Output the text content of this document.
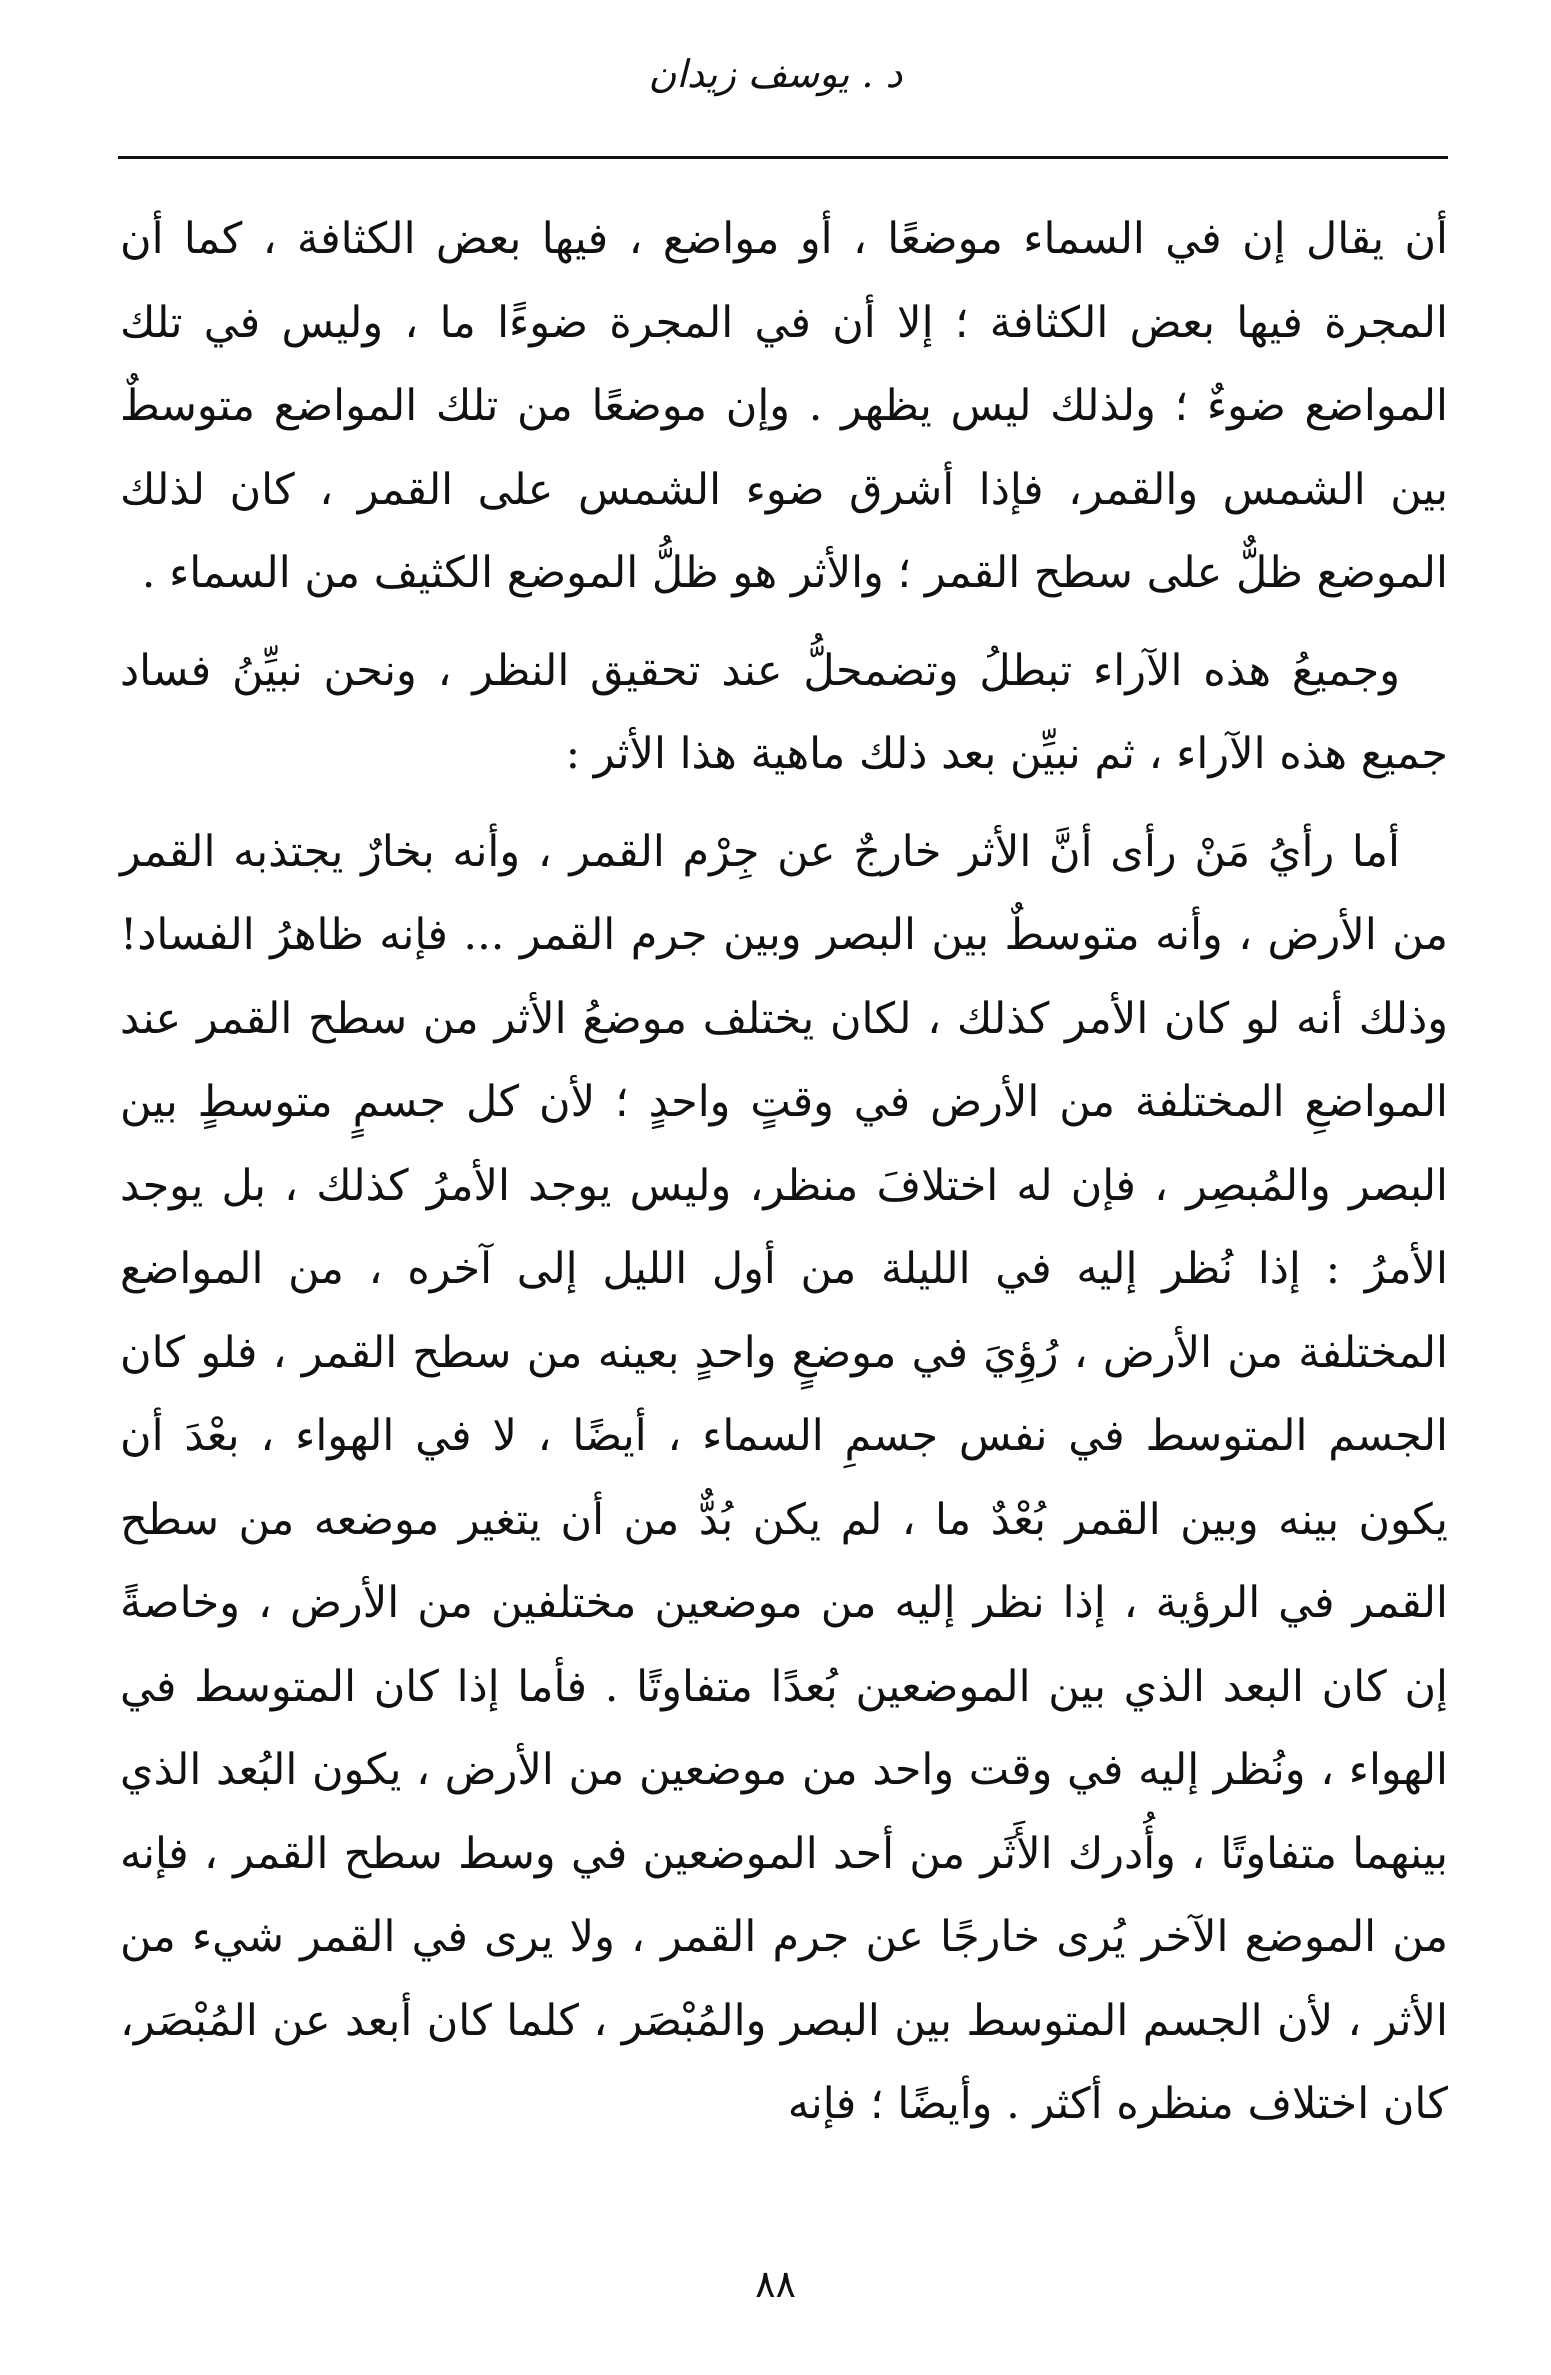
د . يوسف زيدان

أن يقال إن في السماء موضعًا ، أو مواضع ، فيها بعض الكثافة ، كما أن المجرة فيها بعض الكثافة ؛ إلا أن في المجرة ضوءًا ما ، وليس في تلك المواضع ضوءٌ ؛ ولذلك ليس يظهر . وإن موضعًا من تلك المواضع متوسطٌ بين الشمس والقمر، فإذا أشرق ضوء الشمس على القمر ، كان لذلك الموضع ظلٌّ على سطح القمر ؛ والأثر هو ظلُّ الموضع الكثيف من السماء .

وجميعُ هذه الآراء تبطلُ وتضمحلُّ عند تحقيق النظر ، ونحن نبيِّنُ فساد جميع هذه الآراء ، ثم نبيِّن بعد ذلك ماهية هذا الأثر :

أما رأيُ مَنْ رأى أنَّ الأثر خارجٌ عن جِرْم القمر ، وأنه بخارٌ يجتذبه القمر من الأرض ، وأنه متوسطٌ بين البصر وبين جرم القمر ... فإنه ظاهرُ الفساد! وذلك أنه لو كان الأمر كذلك ، لكان يختلف موضعُ الأثر من سطح القمر عند المواضعِ المختلفة من الأرض في وقتٍ واحدٍ ؛ لأن كل جسمٍ متوسطٍ بين البصر والمُبصِر ، فإن له اختلافَ منظر، وليس يوجد الأمرُ كذلك ، بل يوجد الأمرُ : إذا نُظر إليه في الليلة من أول الليل إلى آخره ، من المواضع المختلفة من الأرض ، رُؤِيَ في موضعٍ واحدٍ بعينه من سطح القمر ، فلو كان الجسم المتوسط في نفس جسمِ السماء ، أيضًا ، لا في الهواء ، بعْدَ أن يكون بينه وبين القمر بُعْدٌ ما ، لم يكن بُدٌّ من أن يتغير موضعه من سطح القمر في الرؤية ، إذا نظر إليه من موضعين مختلفين من الأرض ، وخاصةً إن كان البعد الذي بين الموضعين بُعدًا متفاوتًا . فأما إذا كان المتوسط في الهواء ، ونُظر إليه في وقت واحد من موضعين من الأرض ، يكون البُعد الذي بينهما متفاوتًا ، وأُدرك الأَثَر من أحد الموضعين في وسط سطح القمر ، فإنه من الموضع الآخر يُرى خارجًا عن جرم القمر ، ولا يرى في القمر شيء من الأثر ، لأن الجسم المتوسط بين البصر والمُبْصَر ، كلما كان أبعد عن المُبْصَر، كان اختلاف منظره أكثر . وأيضًا ؛ فإنه

٨٨
